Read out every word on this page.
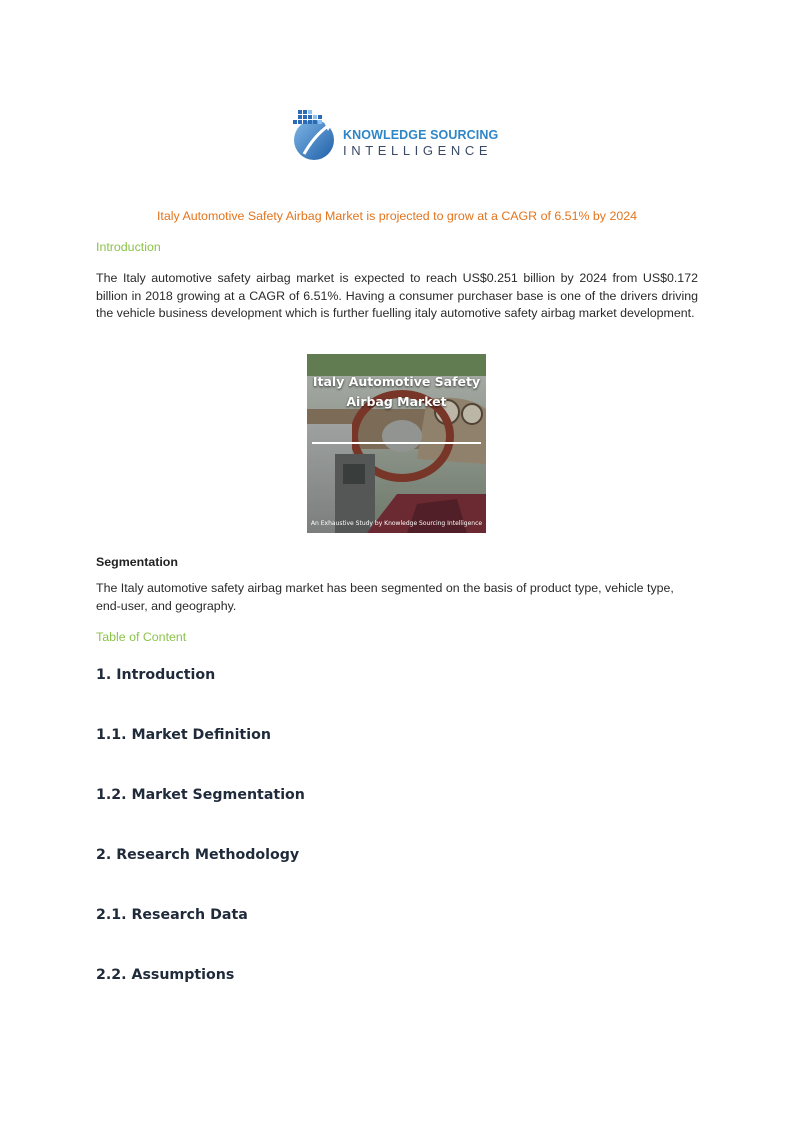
KNOWLEDGE SOURCING
INTELLIGENCE
Italy Automotive Safety Airbag Market is projected to grow at a CAGR of 6.51% by 2024
Introduction
The Italy automotive safety airbag market is expected to reach US$0.251 billion by 2024 from US$0.172 billion in 2018 growing at a CAGR of 6.51%. Having a consumer purchaser base is one of the drivers driving the vehicle business development which is further fuelling italy automotive safety airbag market development.
Italy Automotive Safety
Airbag Market
An Exhaustive Study by Knowledge Sourcing Intelligence
Segmentation
The Italy automotive safety airbag market has been segmented on the basis of product type, vehicle type, end-user, and geography.
Table of Content
1. Introduction
1.1. Market Definition
1.2. Market Segmentation
2. Research Methodology
2.1. Research Data
2.2. Assumptions
